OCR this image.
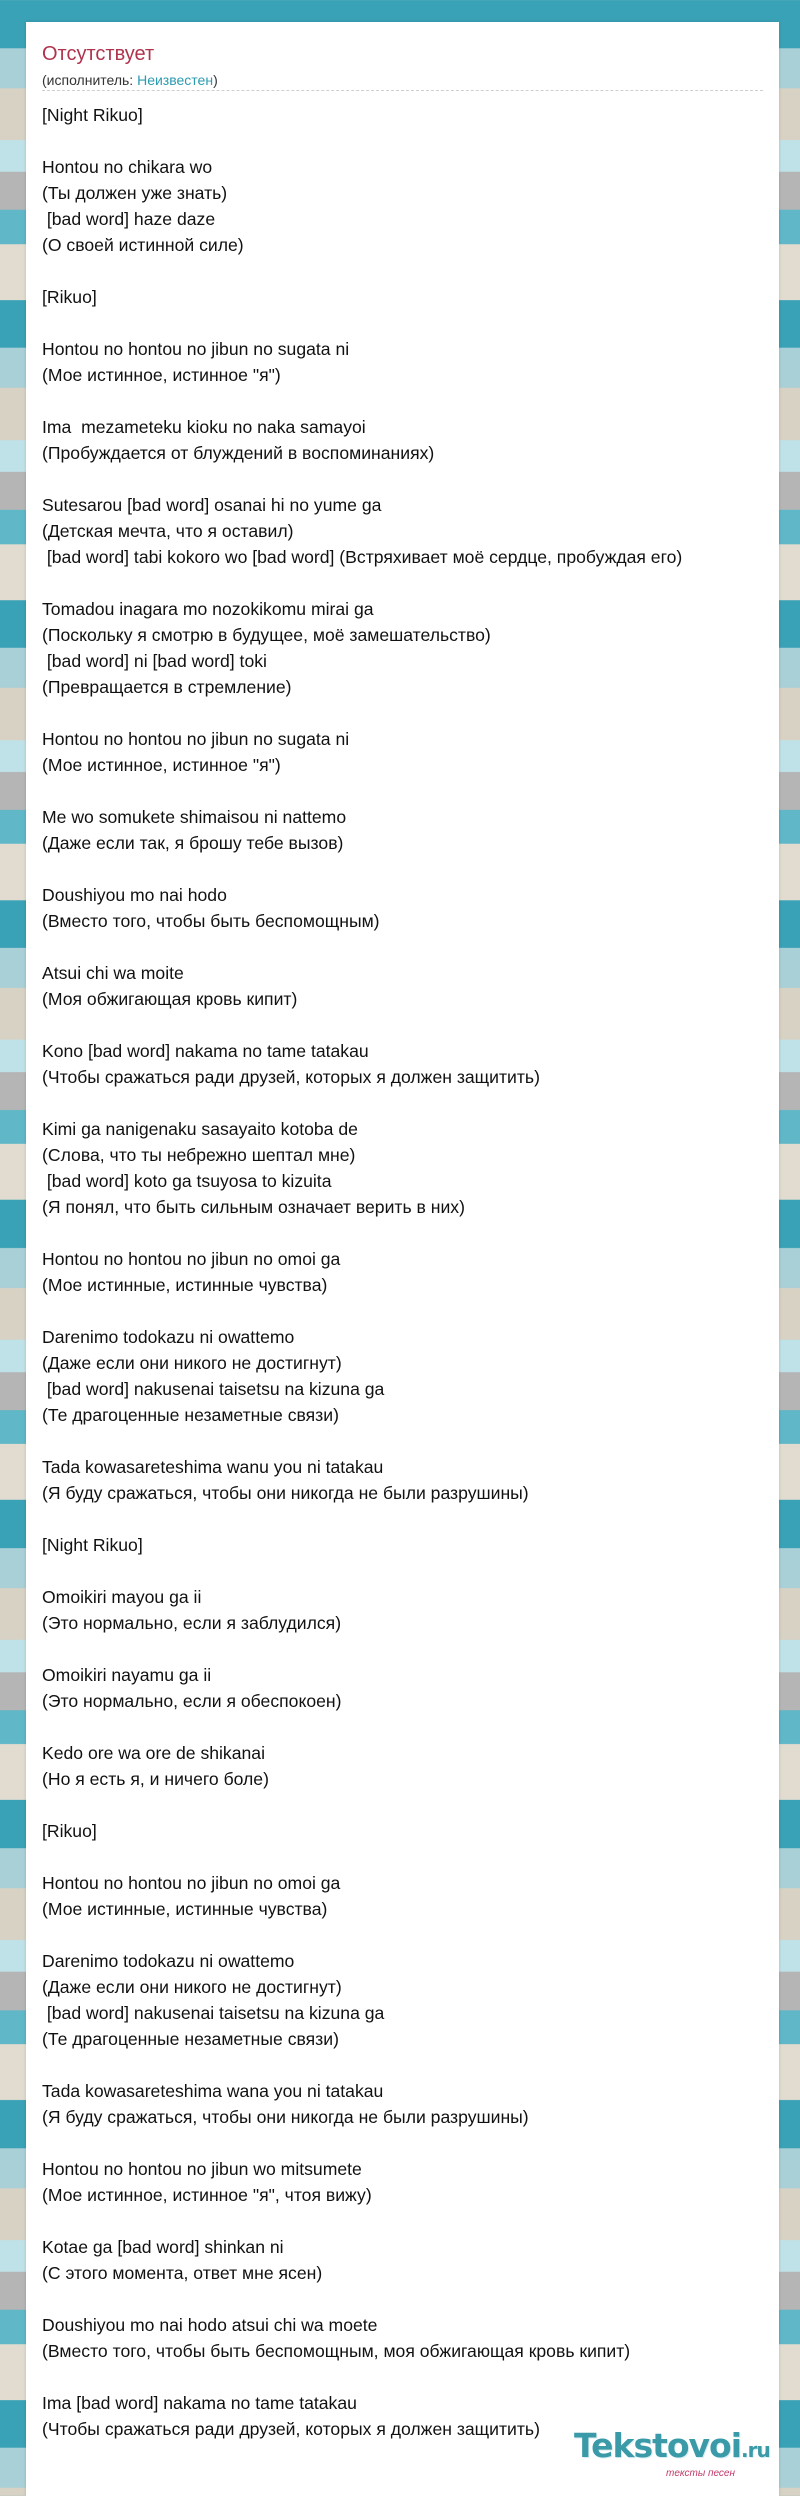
Отсутствует
(исполнитель: Неизвестен)
[Night Rikuo]
Hontou no chikara wo
(Ты должен уже знать)
[bad word] haze daze
(О своей истинной силе)
[Rikuo]
Hontou no hontou no jibun no sugata ni
(Мое истинное, истинное "я")
Ima  mezameteku kioku no naka samayoi
(Пробуждается от блуждений в воспоминаниях)
Sutesarou [bad word] osanai hi no yume ga
(Детская мечта, что я оставил)
[bad word] tabi kokoro wo [bad word] (Встряхивает моё сердце, пробуждая его)
Tomadou inagara mo nozokikomu mirai ga
(Поскольку я смотрю в будущее, моё замешательство)
[bad word] ni [bad word] toki
(Превращается в стремление)
Hontou no hontou no jibun no sugata ni
(Мое истинное, истинное "я")
Me wo somukete shimaisou ni nattemo
(Даже если так, я брошу тебе вызов)
Doushiyou mo nai hodo
(Вместо того, чтобы быть беспомощным)
Atsui chi wa moite
(Моя обжигающая кровь кипит)
Kono [bad word] nakama no tame tatakau
(Чтобы сражаться ради друзей, которых я должен защитить)
Kimi ga nanigenaku sasayaito kotoba de
(Слова, что ты небрежно шептал мне)
[bad word] koto ga tsuyosa to kizuita
(Я понял, что быть сильным означает верить в них)
Hontou no hontou no jibun no omoi ga
(Мое истинные, истинные чувства)
Darenimo todokazu ni owattemo
(Даже если они никого не достигнут)
[bad word] nakusenai taisetsu na kizuna ga
(Те драгоценные незаметные связи)
Tada kowasareteshima wanu you ni tatakau
(Я буду сражаться, чтобы они никогда не были разрушины)
[Night Rikuo]
Omoikiri mayou ga ii
(Это нормально, если я заблудился)
Omoikiri nayamu ga ii
(Это нормально, если я обеспокоен)
Kedo ore wa ore de shikanai
(Но я есть я, и ничего боле)
[Rikuo]
Hontou no hontou no jibun no omoi ga
(Мое истинные, истинные чувства)
Darenimo todokazu ni owattemo
(Даже если они никого не достигнут)
[bad word] nakusenai taisetsu na kizuna ga
(Те драгоценные незаметные связи)
Tada kowasareteshima wana you ni tatakau
(Я буду сражаться, чтобы они никогда не были разрушины)
Hontou no hontou no jibun wo mitsumete
(Мое истинное, истинное "я", чтоя вижу)
Kotae ga [bad word] shinkan ni
(С этого момента, ответ мне ясен)
Doushiyou mo nai hodo atsui chi wa moete
(Вместо того, чтобы быть беспомощным, моя обжигающая кровь кипит)
Ima [bad word] nakama no tame tatakau
(Чтобы сражаться ради друзей, которых я должен защитить)	Tekstovoi.ru
тексты песен
